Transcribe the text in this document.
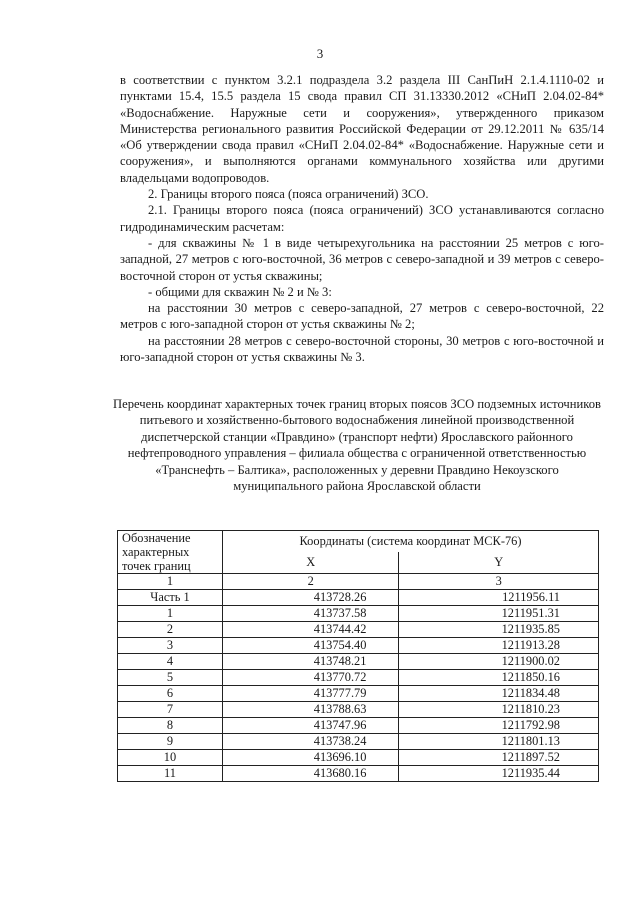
3

в соответствии с пунктом 3.2.1 подраздела 3.2 раздела III СанПиН 2.1.4.1110-02 и пунктами 15.4, 15.5 раздела 15 свода правил СП 31.13330.2012 «СНиП 2.04.02-84* «Водоснабжение. Наружные сети и сооружения», утвержденного приказом Министерства регионального развития Российской Федерации от 29.12.2011 № 635/14 «Об утверждении свода правил «СНиП 2.04.02-84* «Водоснабжение. Наружные сети и сооружения», и выполняются органами коммунального хозяйства или другими владельцами водопроводов.

2. Границы второго пояса (пояса ограничений) ЗСО.

2.1. Границы второго пояса (пояса ограничений) ЗСО устанавливаются согласно гидродинамическим расчетам:

- для скважины № 1 в виде четырехугольника на расстоянии 25 метров с юго-западной, 27 метров с юго-восточной, 36 метров с северо-западной и 39 метров с северо-восточной сторон от устья скважины;

- общими для скважин № 2 и № 3:

на расстоянии 30 метров с северо-западной, 27 метров с северо-восточной, 22 метров с юго-западной сторон от устья скважины № 2;

на расстоянии 28 метров с северо-восточной стороны, 30 метров с юго-восточной и юго-западной сторон от устья скважины № 3.

Перечень координат характерных точек границ вторых поясов ЗСО подземных источников питьевого и хозяйственно-бытового водоснабжения линейной производственной диспетчерской станции «Правдино» (транспорт нефти) Ярославского районного нефтепроводного управления – филиала общества с ограниченной ответственностью «Транснефть – Балтика», расположенных у деревни Правдино Некоузского муниципального района Ярославской области
Обозначение характерных точек границ	Координаты (система координат МСК-76)	
	X	Y
1	2	3
Часть 1	413728.26	1211956.11
1	413737.58	1211951.31
2	413744.42	1211935.85
3	413754.40	1211913.28
4	413748.21	1211900.02
5	413770.72	1211850.16
6	413777.79	1211834.48
7	413788.63	1211810.23
8	413747.96	1211792.98
9	413738.24	1211801.13
10	413696.10	1211897.52
11	413680.16	1211935.44
